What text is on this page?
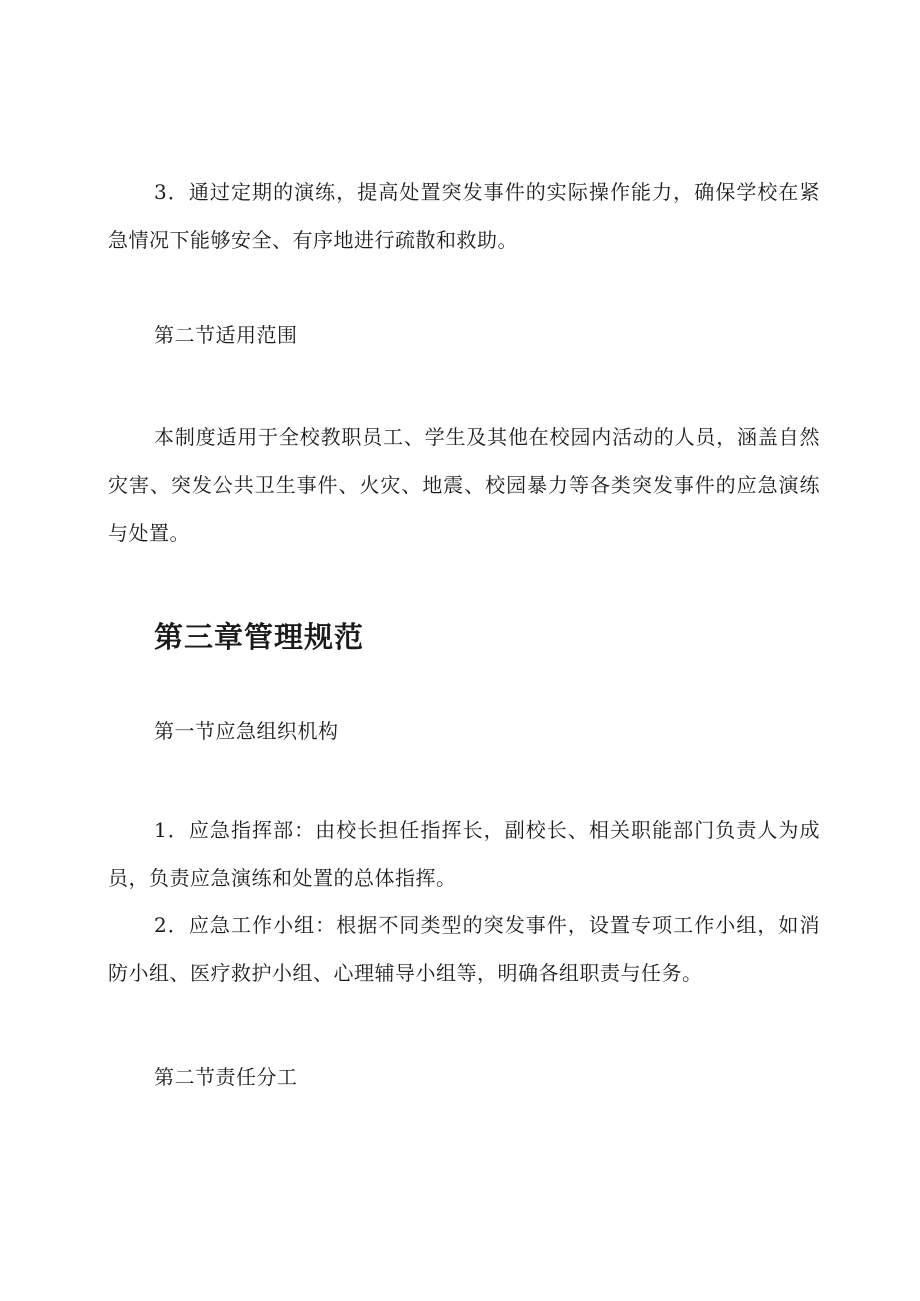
3．通过定期的演练，提高处置突发事件的实际操作能力，确保学校在紧急情况下能够安全、有序地进行疏散和救助。

第二节适用范围

本制度适用于全校教职员工、学生及其他在校园内活动的人员，涵盖自然灾害、突发公共卫生事件、火灾、地震、校园暴力等各类突发事件的应急演练与处置。

第三章管理规范

第一节应急组织机构

1．应急指挥部：由校长担任指挥长，副校长、相关职能部门负责人为成员，负责应急演练和处置的总体指挥。

2．应急工作小组：根据不同类型的突发事件，设置专项工作小组，如消防小组、医疗救护小组、心理辅导小组等，明确各组职责与任务。

第二节责任分工
